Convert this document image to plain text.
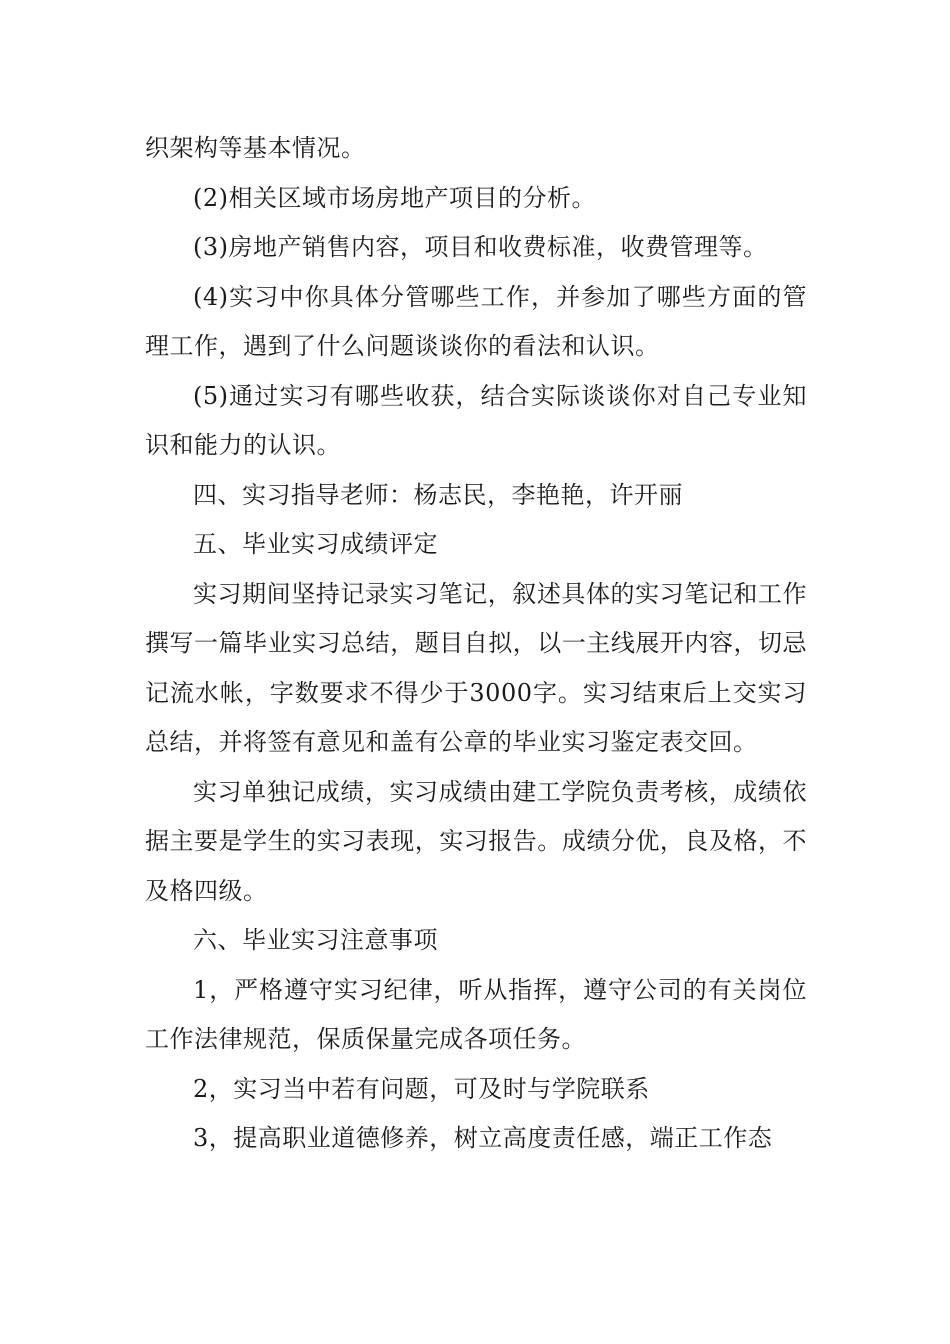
织架构等基本情况。

(2)相关区域市场房地产项目的分析。

(3)房地产销售内容，项目和收费标准，收费管理等。

(4)实习中你具体分管哪些工作，并参加了哪些方面的管理工作，遇到了什么问题谈谈你的看法和认识。

(5)通过实习有哪些收获，结合实际谈谈你对自己专业知识和能力的认识。

四、实习指导老师：杨志民，李艳艳，许开丽

五、毕业实习成绩评定

实习期间坚持记录实习笔记，叙述具体的实习笔记和工作撰写一篇毕业实习总结，题目自拟，以一主线展开内容，切忌记流水帐，字数要求不得少于3000字。实习结束后上交实习总结，并将签有意见和盖有公章的毕业实习鉴定表交回。

实习单独记成绩，实习成绩由建工学院负责考核，成绩依据主要是学生的实习表现，实习报告。成绩分优，良及格，不及格四级。

六、毕业实习注意事项

1，严格遵守实习纪律，听从指挥，遵守公司的有关岗位工作法律规范，保质保量完成各项任务。

2，实习当中若有问题，可及时与学院联系

3，提高职业道德修养，树立高度责任感，端正工作态
